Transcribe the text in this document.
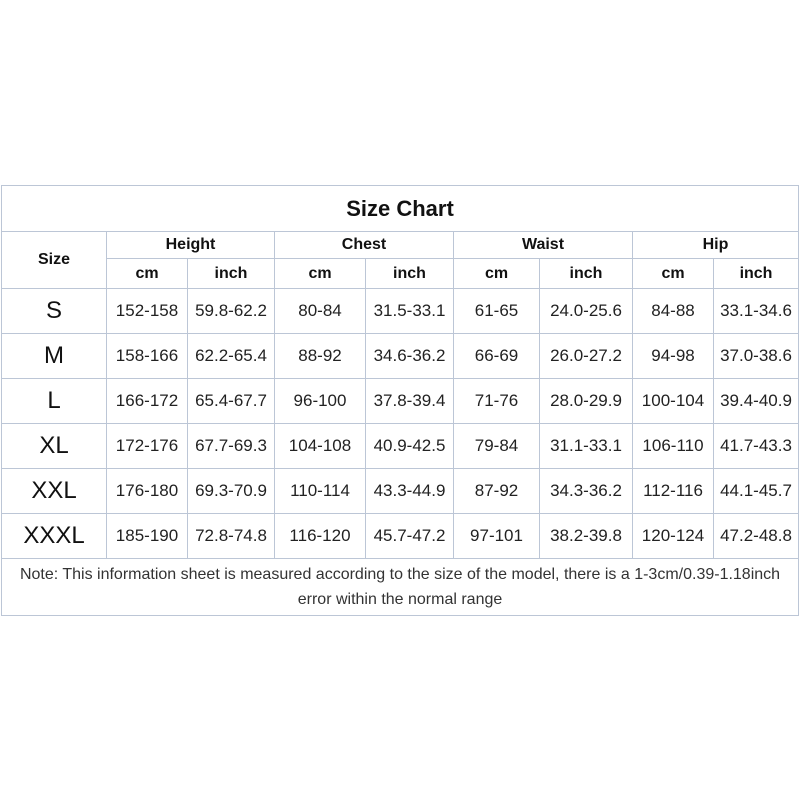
Size Chart								
Size	Height		Chest		Waist		Hip	
	cm	inch	cm	inch	cm	inch	cm	inch
S	152-158	59.8-62.2	80-84	31.5-33.1	61-65	24.0-25.6	84-88	33.1-34.6
M	158-166	62.2-65.4	88-92	34.6-36.2	66-69	26.0-27.2	94-98	37.0-38.6
L	166-172	65.4-67.7	96-100	37.8-39.4	71-76	28.0-29.9	100-104	39.4-40.9
XL	172-176	67.7-69.3	104-108	40.9-42.5	79-84	31.1-33.1	106-110	41.7-43.3
XXL	176-180	69.3-70.9	110-114	43.3-44.9	87-92	34.3-36.2	112-116	44.1-45.7
XXXL	185-190	72.8-74.8	116-120	45.7-47.2	97-101	38.2-39.8	120-124	47.2-48.8
Note: This information sheet is measured according to the size of the model, there is a 1-3cm/0.39-1.18inch error within the normal range								
